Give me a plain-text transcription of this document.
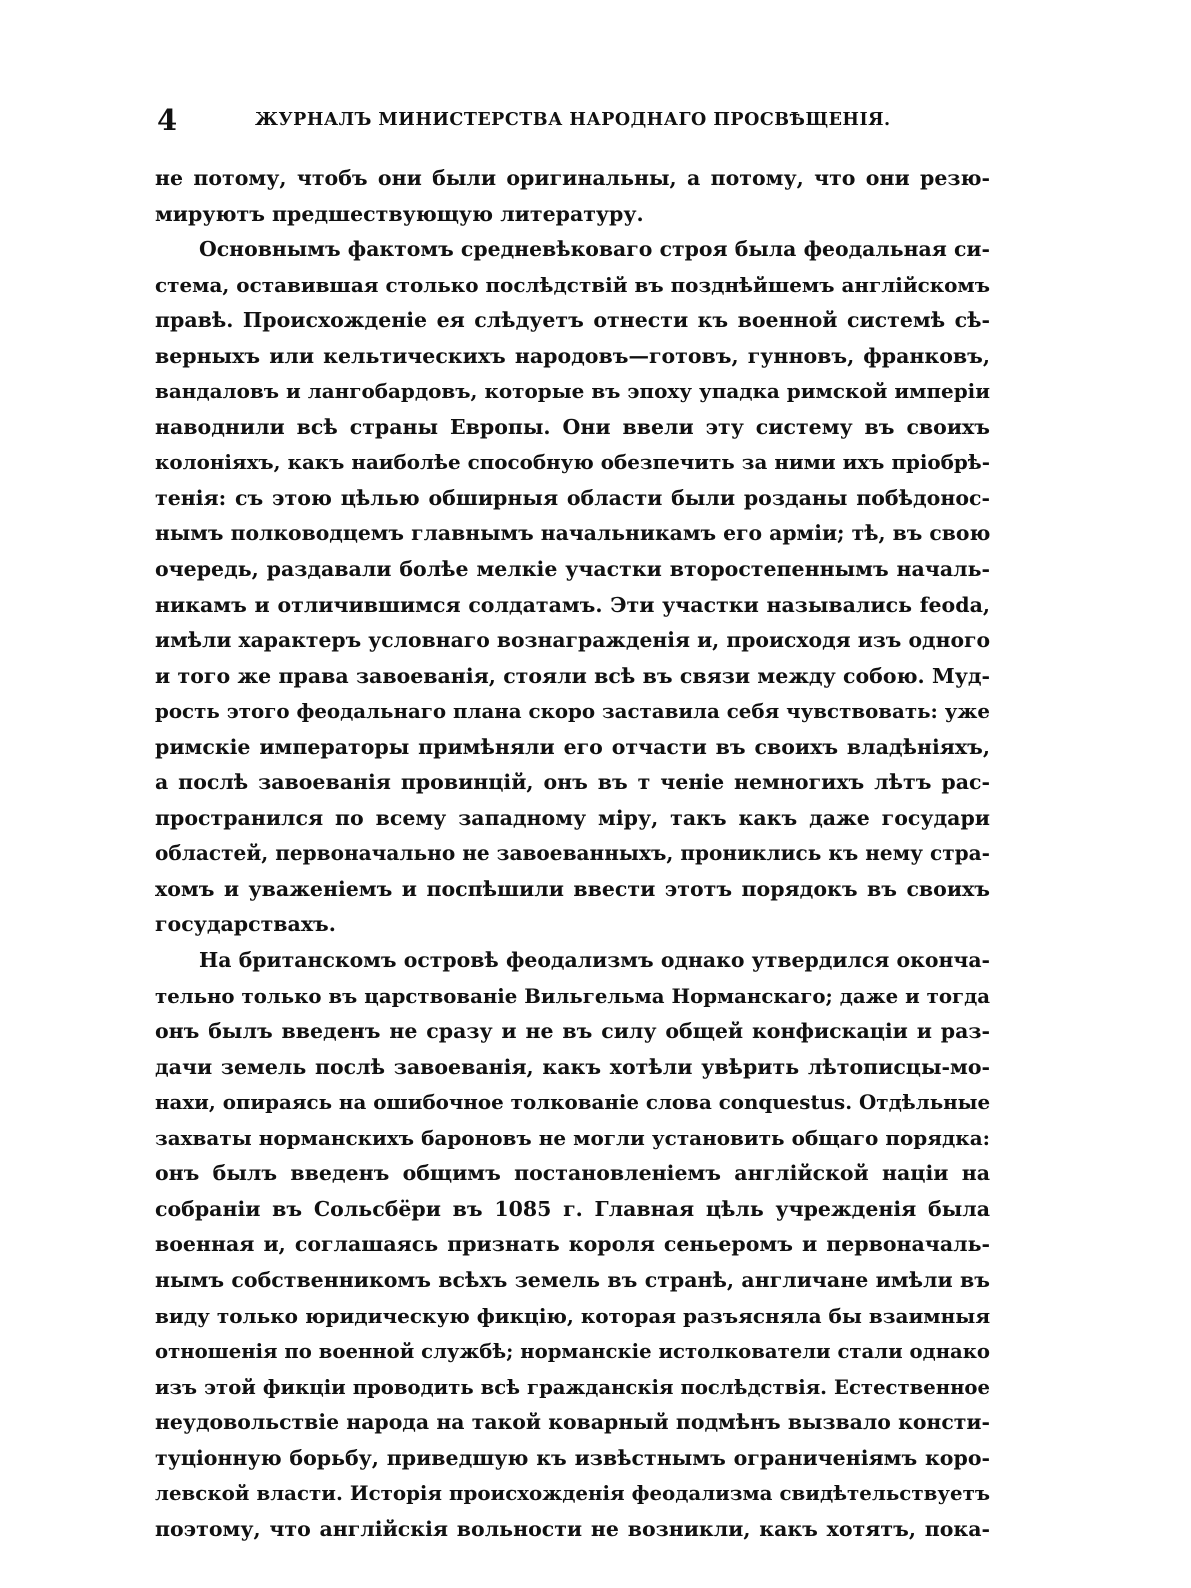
4	ЖУРНАЛЪ МИНИСТЕРСТВА НАРОДНАГО ПРОСВѢЩЕНІЯ.
не потому, чтобъ они были оригинальны, а потому, что они резю-
мируютъ предшествующую литературу.
Основнымъ фактомъ средневѣковаго строя была феодальная си-
стема, оставившая столько послѣдствій въ позднѣйшемъ англійскомъ
правѣ. Происхожденіе ея слѣдуетъ отнести къ военной системѣ сѣ-
верныхъ или кельтическихъ народовъ—готовъ, гунновъ, франковъ,
вандаловъ и лангобардовъ, которые въ эпоху упадка римской имперіи
наводнили всѣ страны Европы. Они ввели эту систему въ своихъ
колоніяхъ, какъ наиболѣе способную обезпечить за ними ихъ пріобрѣ-
тенія: съ этою цѣлью обширныя области были розданы побѣдонос-
нымъ полководцемъ главнымъ начальникамъ его арміи; тѣ, въ свою
очередь, раздавали болѣе мелкіе участки второстепеннымъ началь-
никамъ и отличившимся солдатамъ. Эти участки назывались feoda,
имѣли характеръ условнаго вознагражденія и, происходя изъ одного
и того же права завоеванія, стояли всѣ въ связи между собою. Муд-
рость этого феодальнаго плана скоро заставила себя чувствовать: уже
римскіе императоры примѣняли его отчасти въ своихъ владѣніяхъ,
а послѣ завоеванія провинцій, онъ въ т ченіе немногихъ лѣтъ рас-
пространился по всему западному міру, такъ какъ даже государи
областей, первоначально не завоеванныхъ, прониклись къ нему стра-
хомъ и уваженіемъ и поспѣшили ввести этотъ порядокъ въ своихъ
государствахъ.
На британскомъ островѣ феодализмъ однако утвердился оконча-
тельно только въ царствованіе Вильгельма Норманскаго; даже и тогда
онъ былъ введенъ не сразу и не въ силу общей конфискаціи и раз-
дачи земель послѣ завоеванія, какъ хотѣли увѣрить лѣтописцы-мо-
нахи, опираясь на ошибочное толкованіе слова conquestus. Отдѣльные
захваты норманскихъ бароновъ не могли установить общаго порядка:
онъ былъ введенъ общимъ постановленіемъ англійской націи на
собраніи въ Сольсбёри въ 1085 г. Главная цѣль учрежденія была
военная и, соглашаясь признать короля сеньеромъ и первоначаль-
нымъ собственникомъ всѣхъ земель въ странѣ, англичане имѣли въ
виду только юридическую фикцію, которая разъясняла бы взаимныя
отношенія по военной службѣ; норманскіе истолкователи стали однако
изъ этой фикціи проводить всѣ гражданскія послѣдствія. Естественное
неудовольствіе народа на такой коварный подмѣнъ вызвало консти-
туціонную борьбу, приведшую къ извѣстнымъ ограниченіямъ коро-
левской власти. Исторія происхожденія феодализма свидѣтельствуетъ
поэтому, что англійскія вольности не возникли, какъ хотятъ, пока-
